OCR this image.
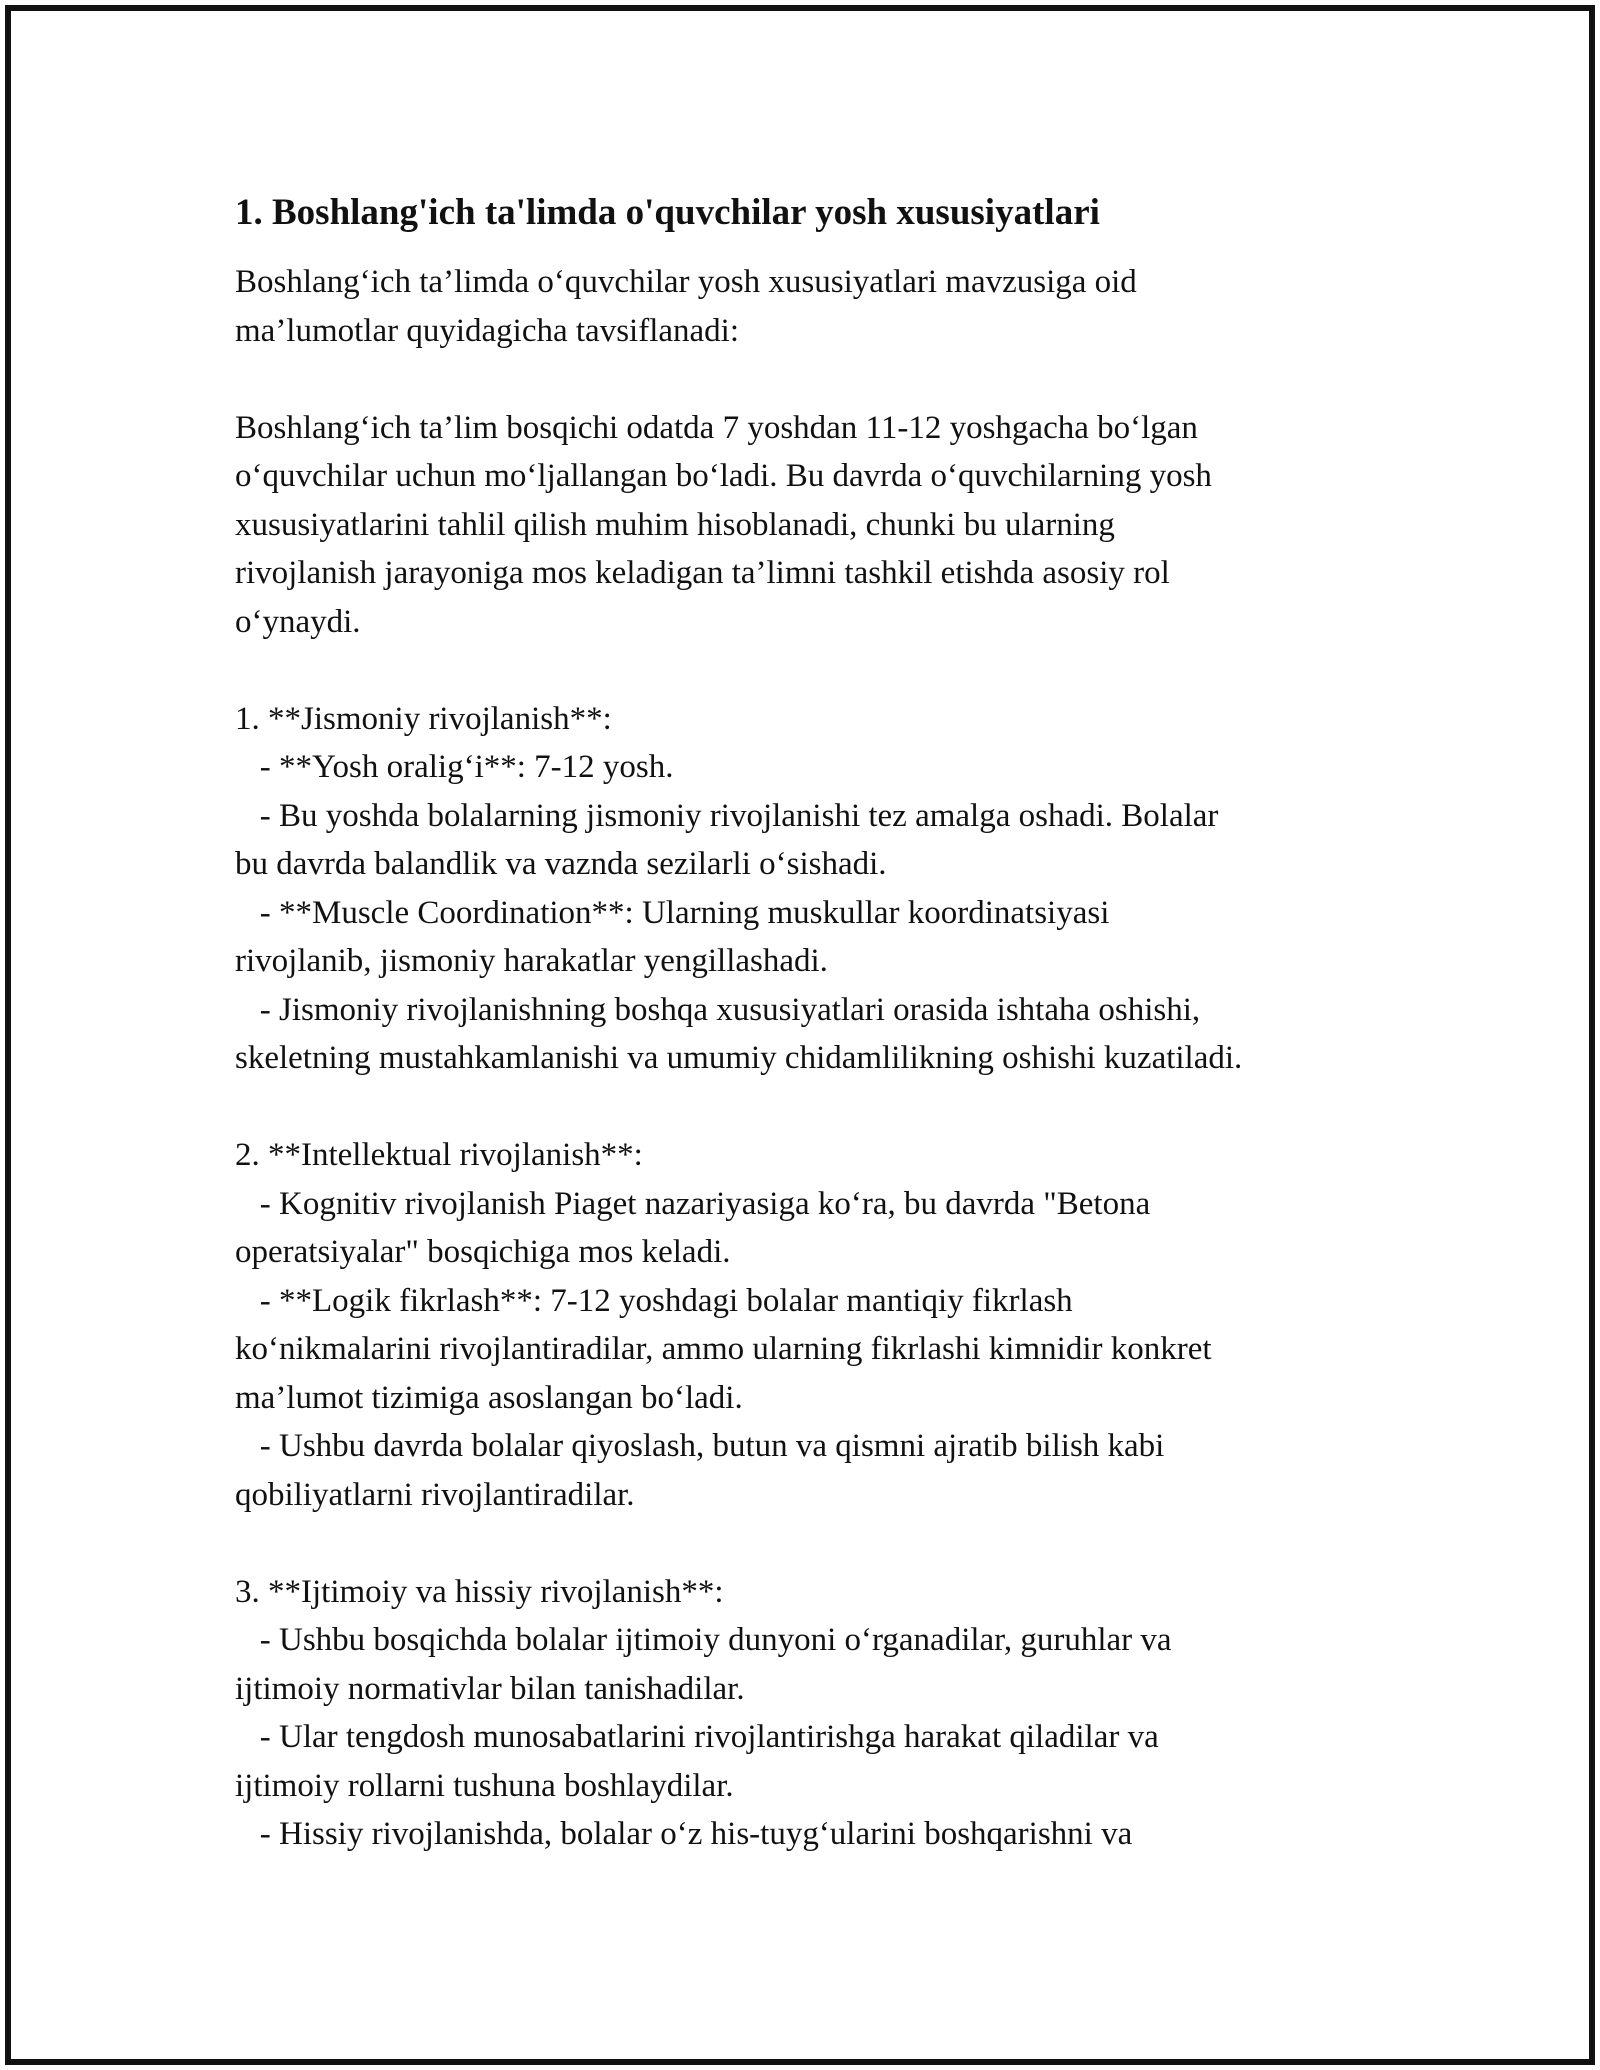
1. Boshlang'ich ta'limda o'quvchilar yosh xususiyatlari

Boshlang‘ich ta’limda o‘quvchilar yosh xususiyatlari mavzusiga oid
ma’lumotlar quyidagicha tavsiflanadi:

Boshlang‘ich ta’lim bosqichi odatda 7 yoshdan 11-12 yoshgacha bo‘lgan
o‘quvchilar uchun mo‘ljallangan bo‘ladi. Bu davrda o‘quvchilarning yosh
xususiyatlarini tahlil qilish muhim hisoblanadi, chunki bu ularning
rivojlanish jarayoniga mos keladigan ta’limni tashkil etishda asosiy rol
o‘ynaydi.

1. **Jismoniy rivojlanish**:

- **Yosh oralig‘i**: 7-12 yosh.

- Bu yoshda bolalarning jismoniy rivojlanishi tez amalga oshadi. Bolalar
bu davrda balandlik va vaznda sezilarli o‘sishadi.

- **Muscle Coordination**: Ularning muskullar koordinatsiyasi
rivojlanib, jismoniy harakatlar yengillashadi.

- Jismoniy rivojlanishning boshqa xususiyatlari orasida ishtaha oshishi,
skeletning mustahkamlanishi va umumiy chidamlilikning oshishi kuzatiladi.

2. **Intellektual rivojlanish**:

- Kognitiv rivojlanish Piaget nazariyasiga ko‘ra, bu davrda "Betona
operatsiyalar" bosqichiga mos keladi.

- **Logik fikrlash**: 7-12 yoshdagi bolalar mantiqiy fikrlash
ko‘nikmalarini rivojlantiradilar, ammo ularning fikrlashi kimnidir konkret
ma’lumot tizimiga asoslangan bo‘ladi.

- Ushbu davrda bolalar qiyoslash, butun va qismni ajratib bilish kabi
qobiliyatlarni rivojlantiradilar.

3. **Ijtimoiy va hissiy rivojlanish**:

- Ushbu bosqichda bolalar ijtimoiy dunyoni o‘rganadilar, guruhlar va
ijtimoiy normativlar bilan tanishadilar.

- Ular tengdosh munosabatlarini rivojlantirishga harakat qiladilar va
ijtimoiy rollarni tushuna boshlaydilar.

- Hissiy rivojlanishda, bolalar o‘z his-tuyg‘ularini boshqarishni va
